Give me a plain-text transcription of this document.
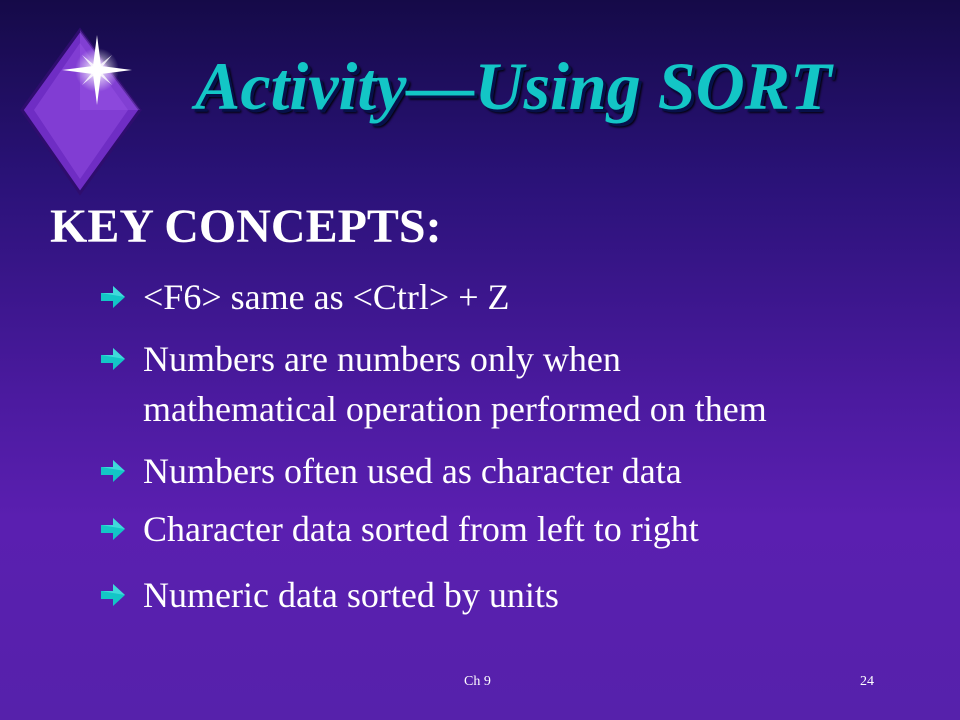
Activity—Using SORT
KEY CONCEPTS:
<F6> same as <Ctrl> + Z
Numbers are numbers only when
mathematical operation performed on them
Numbers often used as character data
Character data sorted from left to right
Numeric data sorted by units
Ch 9	24
